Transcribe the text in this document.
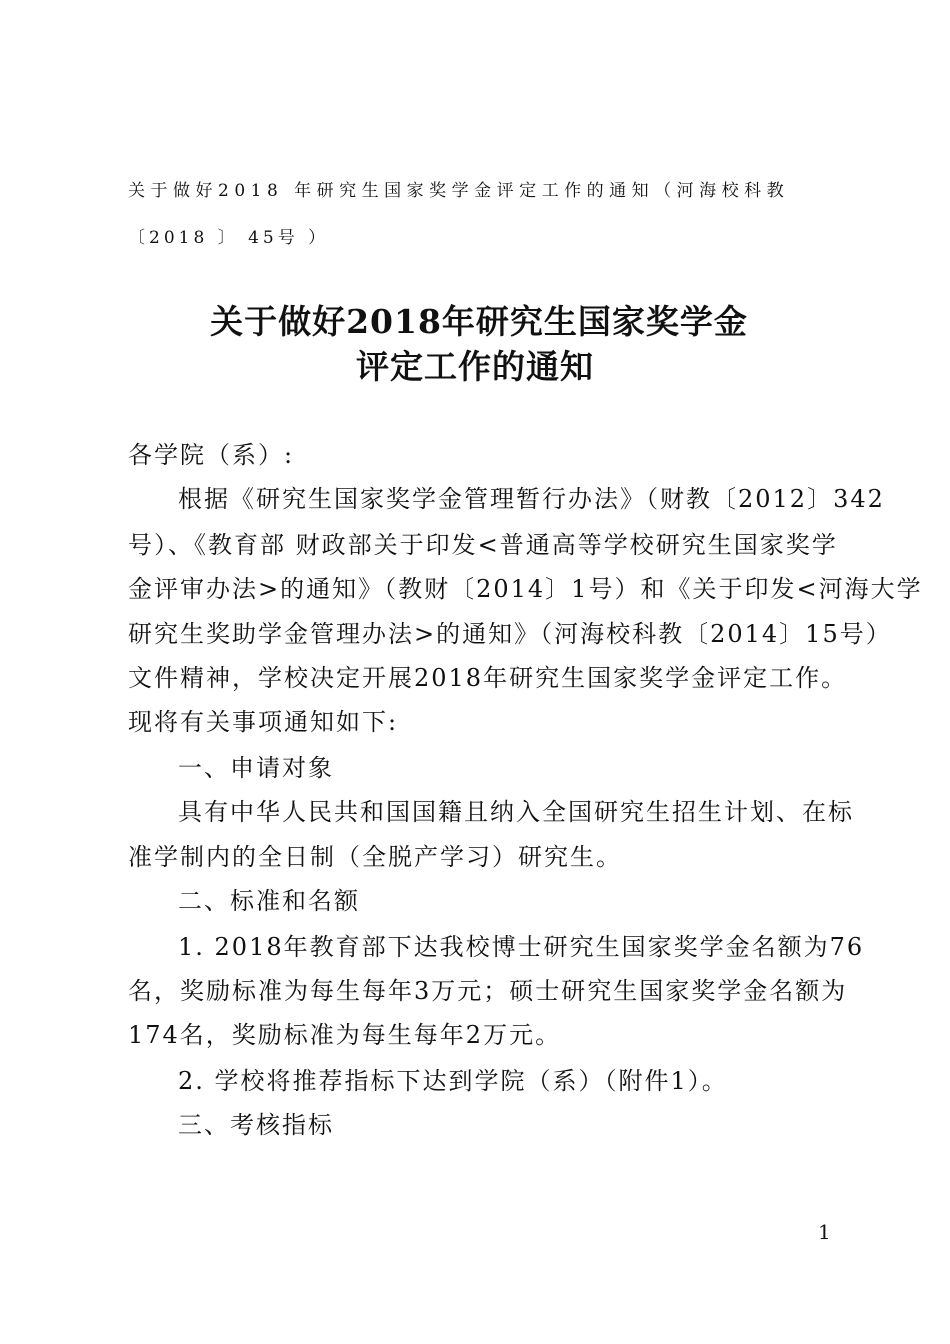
关于做好2018 年研究生国家奖学金评定工作的通知（河海校科教
〔2018 〕 45号 ）
关于做好2018年研究生国家奖学金
评定工作的通知
各学院（系）:
根据《研究生国家奖学金管理暂行办法》（财教〔2012〕342
号）、《教育部 财政部关于印发<普通高等学校研究生国家奖学
金评审办法>的通知》（教财〔2014〕1号）和《关于印发<河海大学
研究生奖助学金管理办法>的通知》（河海校科教〔2014〕15号）
文件精神，学校决定开展2018年研究生国家奖学金评定工作。
现将有关事项通知如下:
一、申请对象
具有中华人民共和国国籍且纳入全国研究生招生计划、在标
准学制内的全日制（全脱产学习）研究生。
二、标准和名额
1. 2018年教育部下达我校博士研究生国家奖学金名额为76
名，奖励标准为每生每年3万元；硕士研究生国家奖学金名额为
174名，奖励标准为每生每年2万元。
2. 学校将推荐指标下达到学院（系）（附件1）。
三、考核指标
1
